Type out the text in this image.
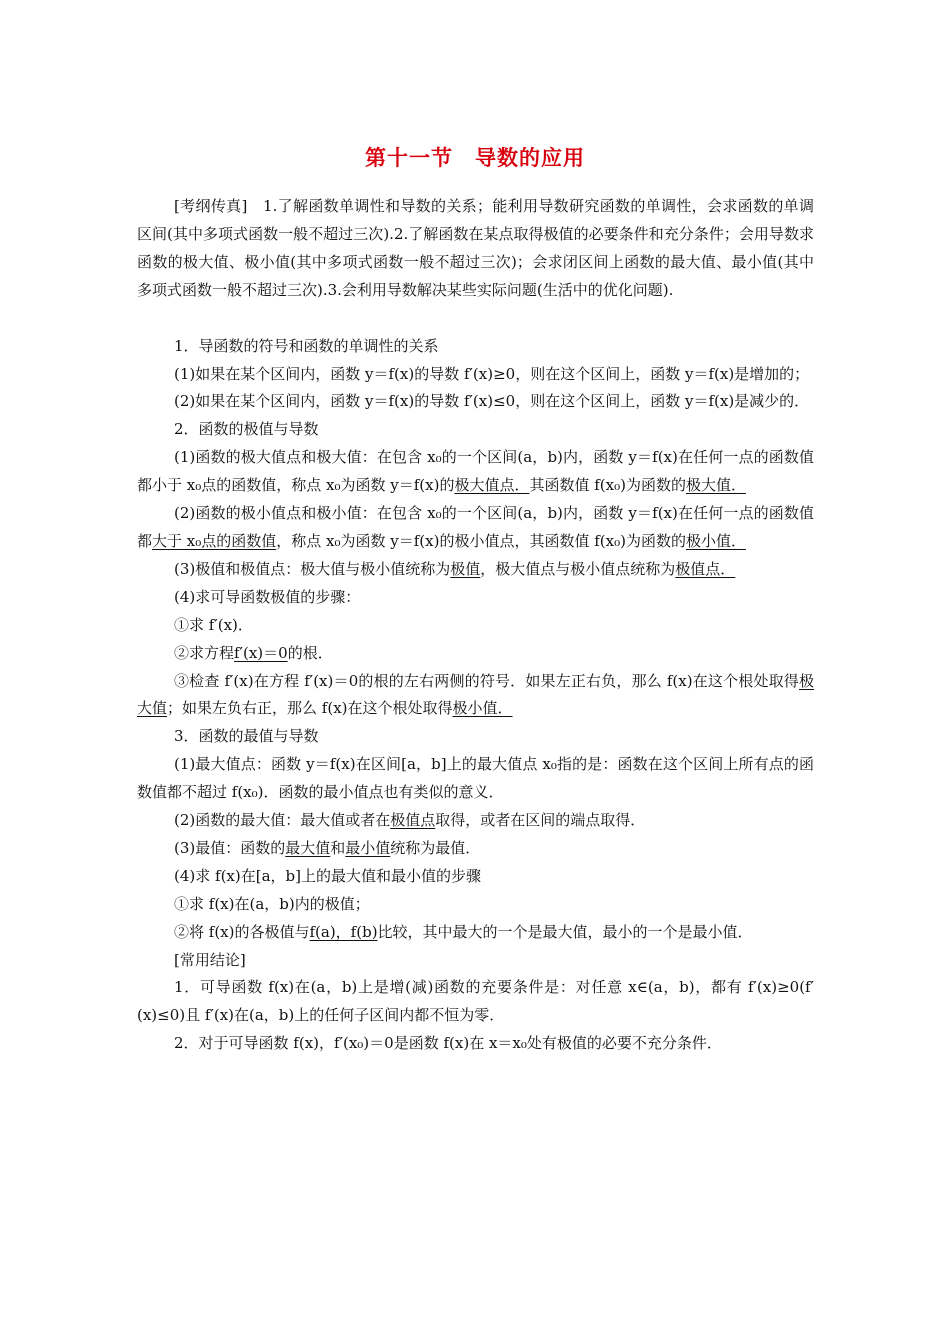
第十一节　导数的应用

[考纲传真]　1.了解函数单调性和导数的关系；能利用导数研究函数的单调性，会求函数的单调区间(其中多项式函数一般不超过三次).2.了解函数在某点取得极值的必要条件和充分条件；会用导数求函数的极大值、极小值(其中多项式函数一般不超过三次)；会求闭区间上函数的最大值、最小值(其中多项式函数一般不超过三次).3.会利用导数解决某些实际问题(生活中的优化问题).

1．导函数的符号和函数的单调性的关系

(1)如果在某个区间内，函数 y＝f(x)的导数 f′(x)≥0，则在这个区间上，函数 y＝f(x)是增加的；

(2)如果在某个区间内，函数 y＝f(x)的导数 f′(x)≤0，则在这个区间上，函数 y＝f(x)是减少的．

2．函数的极值与导数

(1)函数的极大值点和极大值：在包含 x₀的一个区间(a，b)内，函数 y＝f(x)在任何一点的函数值都小于 x₀点的函数值，称点 x₀为函数 y＝f(x)的极大值点．其函数值 f(x₀)为函数的极大值．

(2)函数的极小值点和极小值：在包含 x₀的一个区间(a，b)内，函数 y＝f(x)在任何一点的函数值都大于 x₀点的函数值，称点 x₀为函数 y＝f(x)的极小值点，其函数值 f(x₀)为函数的极小值．

(3)极值和极值点：极大值与极小值统称为极值，极大值点与极小值点统称为极值点．

(4)求可导函数极值的步骤：

①求 f′(x)．

②求方程f′(x)＝0的根．

③检查 f′(x)在方程 f′(x)＝0的根的左右两侧的符号．如果左正右负，那么 f(x)在这个根处取得极大值；如果左负右正，那么 f(x)在这个根处取得极小值．

3．函数的最值与导数

(1)最大值点：函数 y＝f(x)在区间[a，b]上的最大值点 x₀指的是：函数在这个区间上所有点的函数值都不超过 f(x₀)．函数的最小值点也有类似的意义．

(2)函数的最大值：最大值或者在极值点取得，或者在区间的端点取得．

(3)最值：函数的最大值和最小值统称为最值．

(4)求 f(x)在[a，b]上的最大值和最小值的步骤

①求 f(x)在(a，b)内的极值；

②将 f(x)的各极值与f(a)，f(b)比较，其中最大的一个是最大值，最小的一个是最小值．

[常用结论]

1．可导函数 f(x)在(a，b)上是增(减)函数的充要条件是：对任意 x∈(a，b)，都有 f′(x)≥0(f′(x)≤0)且 f′(x)在(a，b)上的任何子区间内都不恒为零．

2．对于可导函数 f(x)，f′(x₀)＝0是函数 f(x)在 x＝x₀处有极值的必要不充分条件．
